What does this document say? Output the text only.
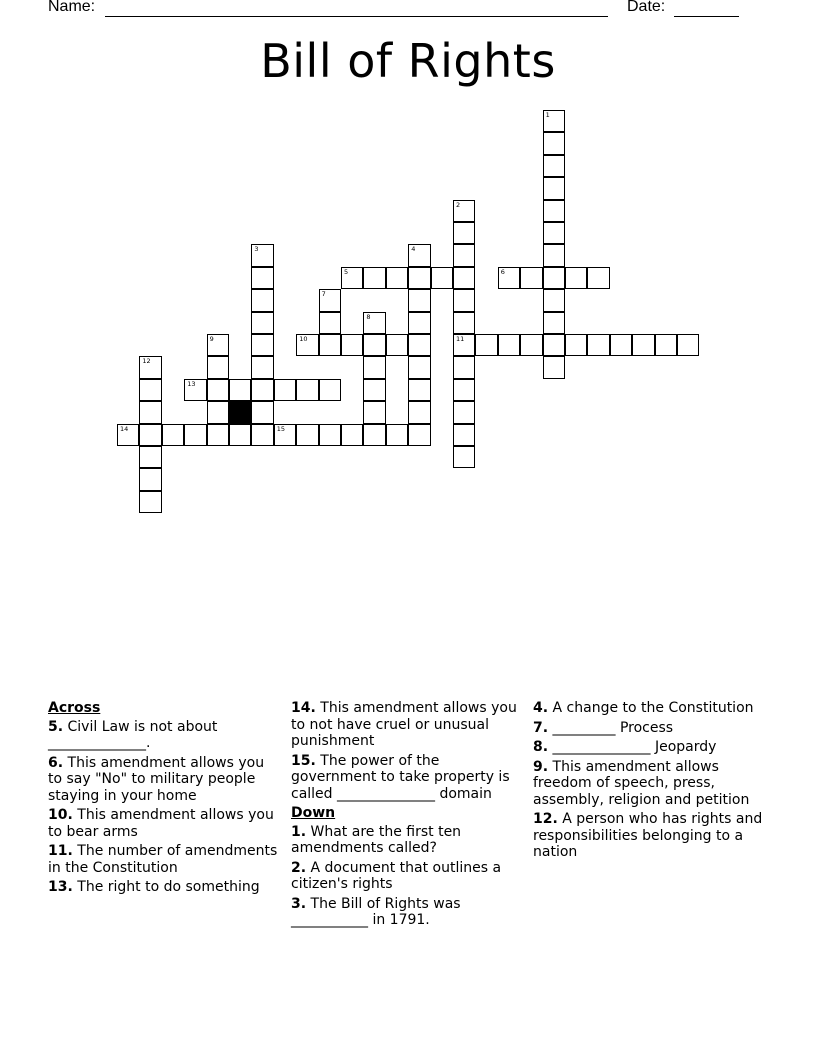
Name:	Date:
Bill of Rights
1
2
11
3	4
5	6
7
8
9	10
12
13
14	15
Across
5. Civil Law is not about ______________.
6. This amendment allows you to say "No" to military people staying in your home
10. This amendment allows you to bear arms
11. The number of amendments in the Constitution
13. The right to do something
14. This amendment allows you to not have cruel or unusual punishment
15. The power of the government to take property is called ______________ domain
Down
1. What are the first ten amendments called?
2. A document that outlines a citizen's rights
3. The Bill of Rights was ___________ in 1791.
4. A change to the Constitution
7. _________ Process
8. ______________ Jeopardy
9. This amendment allows freedom of speech, press, assembly, religion and petition
12. A person who has rights and responsibilities belonging to a nation
